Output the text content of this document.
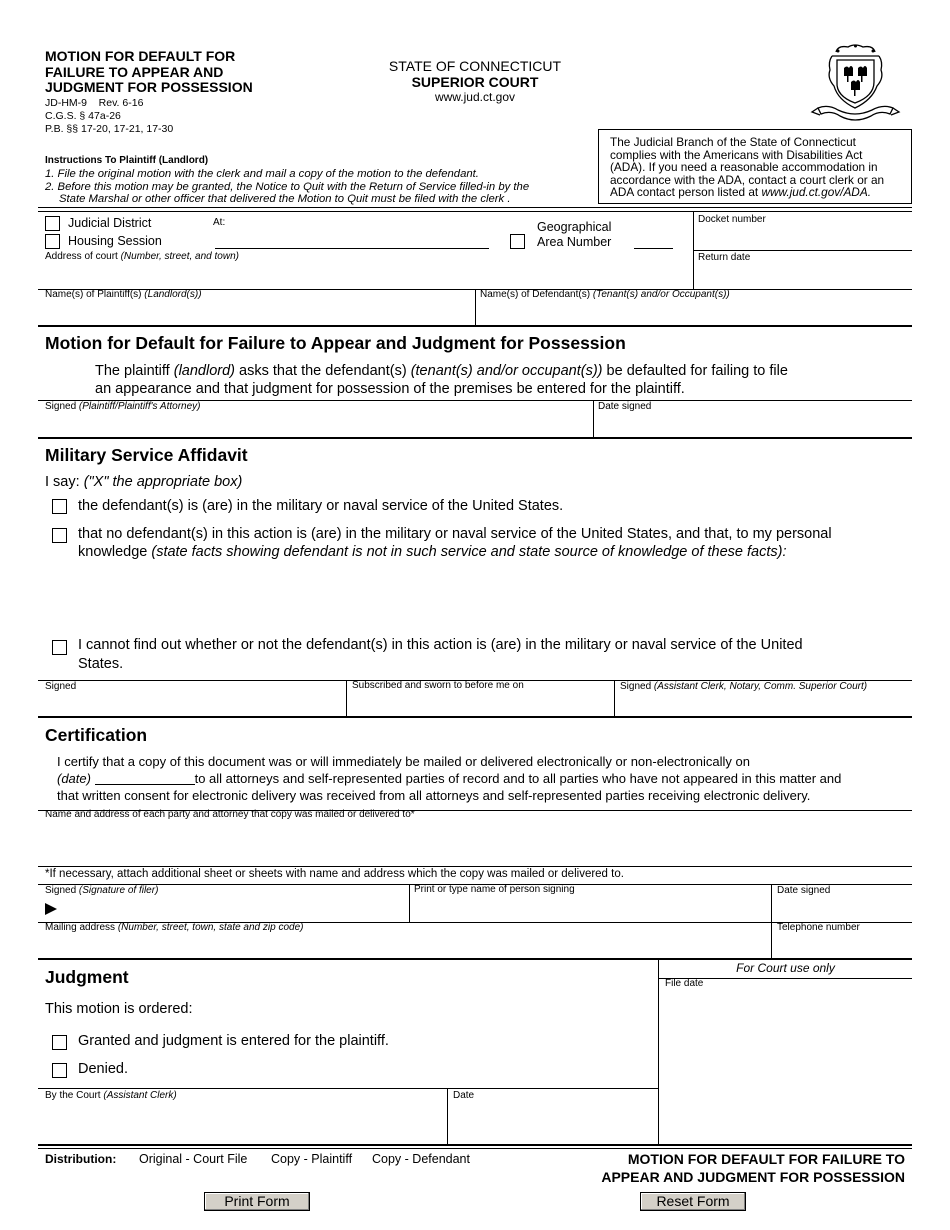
MOTION FOR DEFAULT FOR
FAILURE TO APPEAR AND
JUDGMENT FOR POSSESSION
JD-HM-9    Rev. 6-16
C.G.S. § 47a-26
P.B. §§ 17-20, 17-21, 17-30
STATE OF CONNECTICUT
SUPERIOR COURT
www.jud.ct.gov
The Judicial Branch of the State of Connecticut
complies with the Americans with Disabilities Act
(ADA). If you need a reasonable accommodation in
accordance with the ADA, contact a court clerk or an
ADA contact person listed at www.jud.ct.gov/ADA.
Instructions To Plaintiff (Landlord)
1. File the original motion with the clerk and mail a copy of the motion to the defendant.
2. Before this motion may be granted, the Notice to Quit with the Return of Service filled-in by the
State Marshal or other officer that delivered the Motion to Quit must be filed with the clerk .
Judicial District
Housing Session
At:	Geographical
Area Number
Docket number
Address of court (Number, street, and town)	Return date
Name(s) of Plaintiff(s) (Landlord(s))	Name(s) of Defendant(s) (Tenant(s) and/or Occupant(s))
Motion for Default for Failure to Appear and Judgment for Possession
The plaintiff (landlord) asks that the defendant(s) (tenant(s) and/or occupant(s)) be defaulted for failing to file
an appearance and that judgment for possession of the premises be entered for the plaintiff.
Signed (Plaintiff/Plaintiff's Attorney)	Date signed
Military Service Affidavit
I say: ("X" the appropriate box)
the defendant(s) is (are) in the military or naval service of the United States.
that no defendant(s) in this action is (are) in the military or naval service of the United States, and that, to my personal
knowledge (state facts showing defendant is not in such service and state source of knowledge of these facts):
I cannot find out whether or not the defendant(s) in this action is (are) in the military or naval service of the United
States.
Signed	Subscribed and sworn to before me on	Signed (Assistant Clerk, Notary, Comm. Superior Court)
Certification
I certify that a copy of this document was or will immediately be mailed or delivered electronically or non-electronically on
(date)	to all attorneys and self-represented parties of record and to all parties who have not appeared in this matter and
that written consent for electronic delivery was received from all attorneys and self-represented parties receiving electronic delivery.
Name and address of each party and attorney that copy was mailed or delivered to*
*If necessary, attach additional sheet or sheets with name and address which the copy was mailed or delivered to.
Signed (Signature of filer)	Print or type name of person signing	Date signed
Mailing address (Number, street, town, state and zip code)	Telephone number
Judgment
This motion is ordered:
Granted and judgment is entered for the plaintiff.
Denied.
By the Court (Assistant Clerk)	Date
For Court use only
File date
Distribution: Original - Court File Copy - Plaintiff Copy - Defendant	MOTION FOR DEFAULT FOR FAILURE TO
APPEAR AND JUDGMENT FOR POSSESSION
Print Form	Reset Form
